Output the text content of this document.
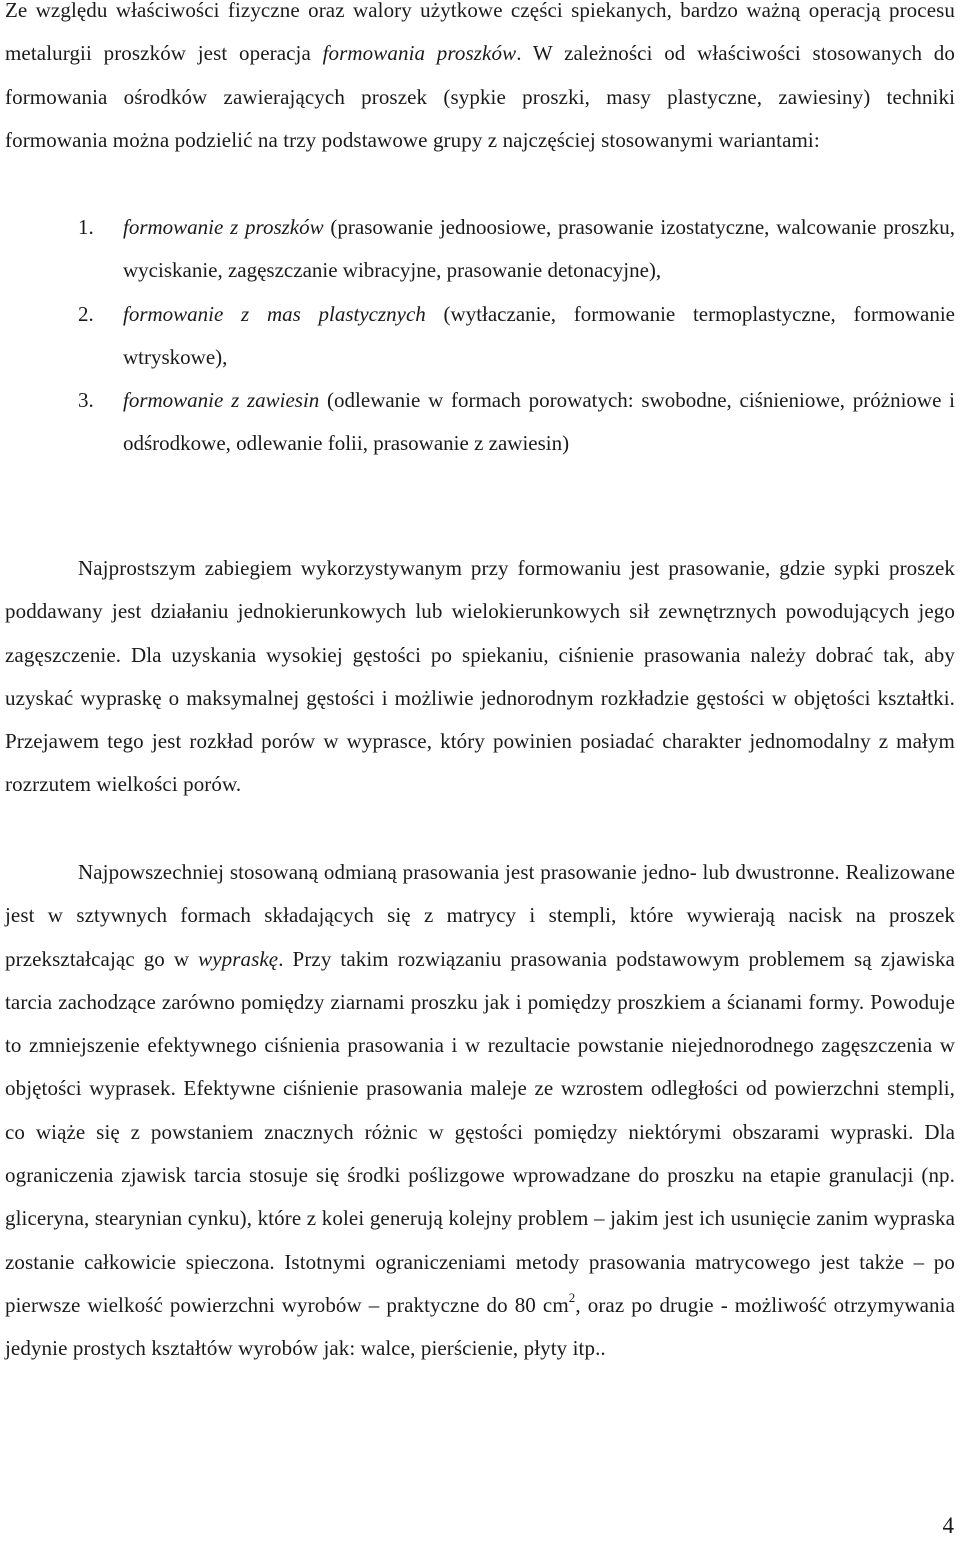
Ze względu właściwości fizyczne oraz walory użytkowe części spiekanych, bardzo ważną operacją procesu metalurgii proszków jest operacja formowania proszków. W zależności od właściwości stosowanych do formowania ośrodków zawierających proszek (sypkie proszki, masy plastyczne, zawiesiny) techniki formowania można podzielić na trzy podstawowe grupy z najczęściej stosowanymi wariantami:

1. formowanie z proszków (prasowanie jednoosiowe, prasowanie izostatyczne, walcowanie proszku, wyciskanie, zagęszczanie wibracyjne, prasowanie detonacyjne),
2. formowanie z mas plastycznych (wytłaczanie, formowanie termoplastyczne, formowanie wtryskowe),
3. formowanie z zawiesin (odlewanie w formach porowatych: swobodne, ciśnieniowe, próżniowe i odśrodkowe, odlewanie folii, prasowanie z zawiesin)

Najprostszym zabiegiem wykorzystywanym przy formowaniu jest prasowanie, gdzie sypki proszek poddawany jest działaniu jednokierunkowych lub wielokierunkowych sił zewnętrznych powodujących jego zagęszczenie. Dla uzyskania wysokiej gęstości po spiekaniu, ciśnienie prasowania należy dobrać tak, aby uzyskać wypraskę o maksymalnej gęstości i możliwie jednorodnym rozkładzie gęstości w objętości kształtki. Przejawem tego jest rozkład porów w wyprasce, który powinien posiadać charakter jednomodalny z małym rozrzutem wielkości porów.

Najpowszechniej stosowaną odmianą prasowania jest prasowanie jedno- lub dwustronne. Realizowane jest w sztywnych formach składających się z matrycy i stempli, które wywierają nacisk na proszek przekształcając go w wypraskę. Przy takim rozwiązaniu prasowania podstawowym problemem są zjawiska tarcia zachodzące zarówno pomiędzy ziarnami proszku jak i pomiędzy proszkiem a ścianami formy. Powoduje to zmniejszenie efektywnego ciśnienia prasowania i w rezultacie powstanie niejednorodnego zagęszczenia w objętości wyprasek. Efektywne ciśnienie prasowania maleje ze wzrostem odległości od powierzchni stempli, co wiąże się z powstaniem znacznych różnic w gęstości pomiędzy niektórymi obszarami wypraski. Dla ograniczenia zjawisk tarcia stosuje się środki poślizgowe wprowadzane do proszku na etapie granulacji (np. gliceryna, stearynian cynku), które z kolei generują kolejny problem – jakim jest ich usunięcie zanim wypraska zostanie całkowicie spieczona. Istotnymi ograniczeniami metody prasowania matrycowego jest także – po pierwsze wielkość powierzchni wyrobów – praktyczne do 80 $cm^2$, oraz po drugie - możliwość otrzymywania jedynie prostych kształtów wyrobów jak: walce, pierścienie, płyty itp..

4
